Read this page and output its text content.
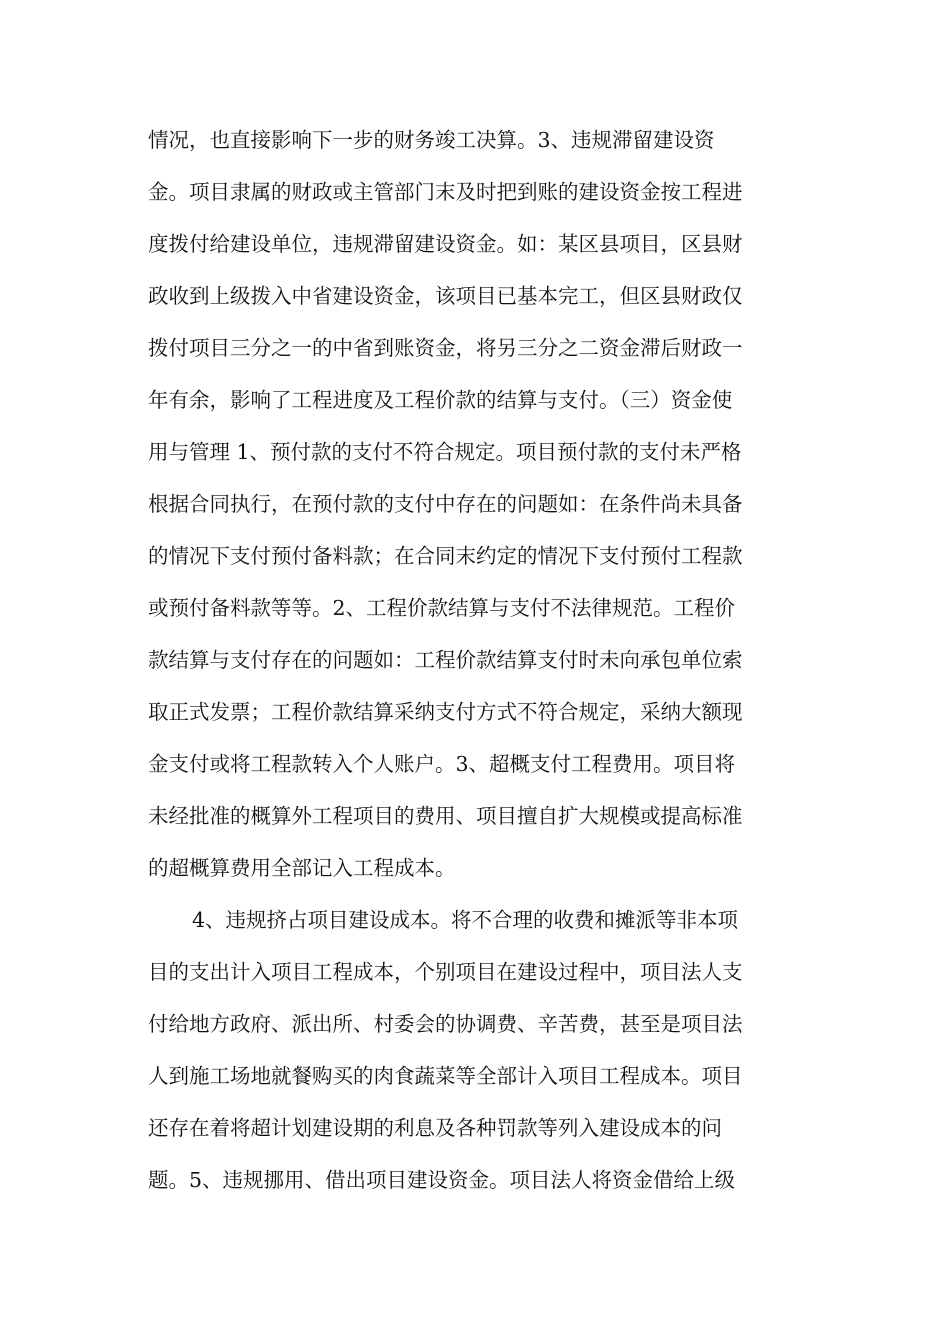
情况，也直接影响下一步的财务竣工决算。3、违规滞留建设资
金。项目隶属的财政或主管部门末及时把到账的建设资金按工程进
度拨付给建设单位，违规滞留建设资金。如：某区县项目，区县财
政收到上级拨入中省建设资金，该项目已基本完工，但区县财政仅
拨付项目三分之一的中省到账资金，将另三分之二资金滞后财政一
年有余，影响了工程进度及工程价款的结算与支付。（三）资金使
用与管理 1、预付款的支付不符合规定。项目预付款的支付未严格
根据合同执行，在预付款的支付中存在的问题如：在条件尚未具备
的情况下支付预付备料款；在合同末约定的情况下支付预付工程款
或预付备料款等等。2、工程价款结算与支付不法律规范。工程价
款结算与支付存在的问题如：工程价款结算支付时未向承包单位索
取正式发票；工程价款结算采纳支付方式不符合规定，采纳大额现
金支付或将工程款转入个人账户。3、超概支付工程费用。项目将
未经批准的概算外工程项目的费用、项目擅自扩大规模或提高标准
的超概算费用全部记入工程成本。
4、违规挤占项目建设成本。将不合理的收费和摊派等非本项
目的支出计入项目工程成本，个别项目在建设过程中，项目法人支
付给地方政府、派出所、村委会的协调费、辛苦费，甚至是项目法
人到施工场地就餐购买的肉食蔬菜等全部计入项目工程成本。项目
还存在着将超计划建设期的利息及各种罚款等列入建设成本的问
题。5、违规挪用、借出项目建设资金。项目法人将资金借给上级
